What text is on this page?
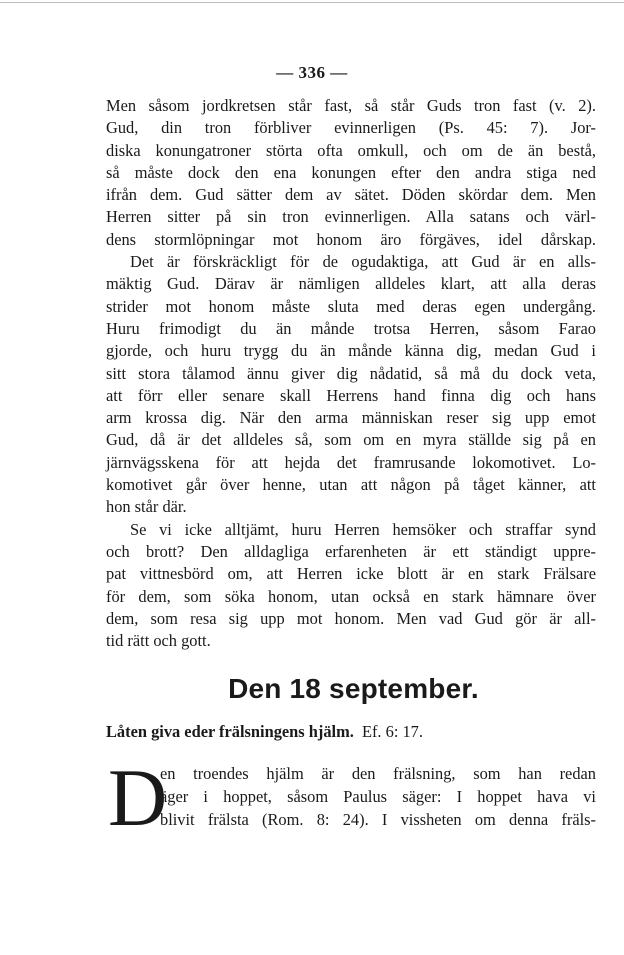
— 336 —
Men såsom jordkretsen står fast, så står Guds tron fast (v. 2).
Gud, din tron förbliver evinnerligen (Ps. 45: 7). Jor-
diska konungatroner störta ofta omkull, och om de än bestå,
så måste dock den ena konungen efter den andra stiga ned
ifrån dem. Gud sätter dem av sätet. Döden skördar dem. Men
Herren sitter på sin tron evinnerligen. Alla satans och värl-
dens stormlöpningar mot honom äro förgäves, idel dårskap.
Det är förskräckligt för de ogudaktiga, att Gud är en alls-
mäktig Gud. Därav är nämligen alldeles klart, att alla deras
strider mot honom måste sluta med deras egen undergång.
Huru frimodigt du än månde trotsa Herren, såsom Farao
gjorde, och huru trygg du än månde känna dig, medan Gud i
sitt stora tålamod ännu giver dig nådatid, så må du dock veta,
att förr eller senare skall Herrens hand finna dig och hans
arm krossa dig. När den arma människan reser sig upp emot
Gud, då är det alldeles så, som om en myra ställde sig på en
järnvägsskena för att hejda det framrusande lokomotivet. Lo-
komotivet går över henne, utan att någon på tåget känner, att
hon står där.
Se vi icke alltjämt, huru Herren hemsöker och straffar synd
och brott? Den alldagliga erfarenheten är ett ständigt uppre-
pat vittnesbörd om, att Herren icke blott är en stark Frälsare
för dem, som söka honom, utan också en stark hämnare över
dem, som resa sig upp mot honom. Men vad Gud gör är all-
tid rätt och gott.
Den 18 september.
Låten giva eder frälsningens hjälm. Ef. 6: 17.
D
en troendes hjälm är den frälsning, som han redan
äger i hoppet, såsom Paulus säger: I hoppet hava vi
blivit frälsta (Rom. 8: 24). I vissheten om denna fräls-
